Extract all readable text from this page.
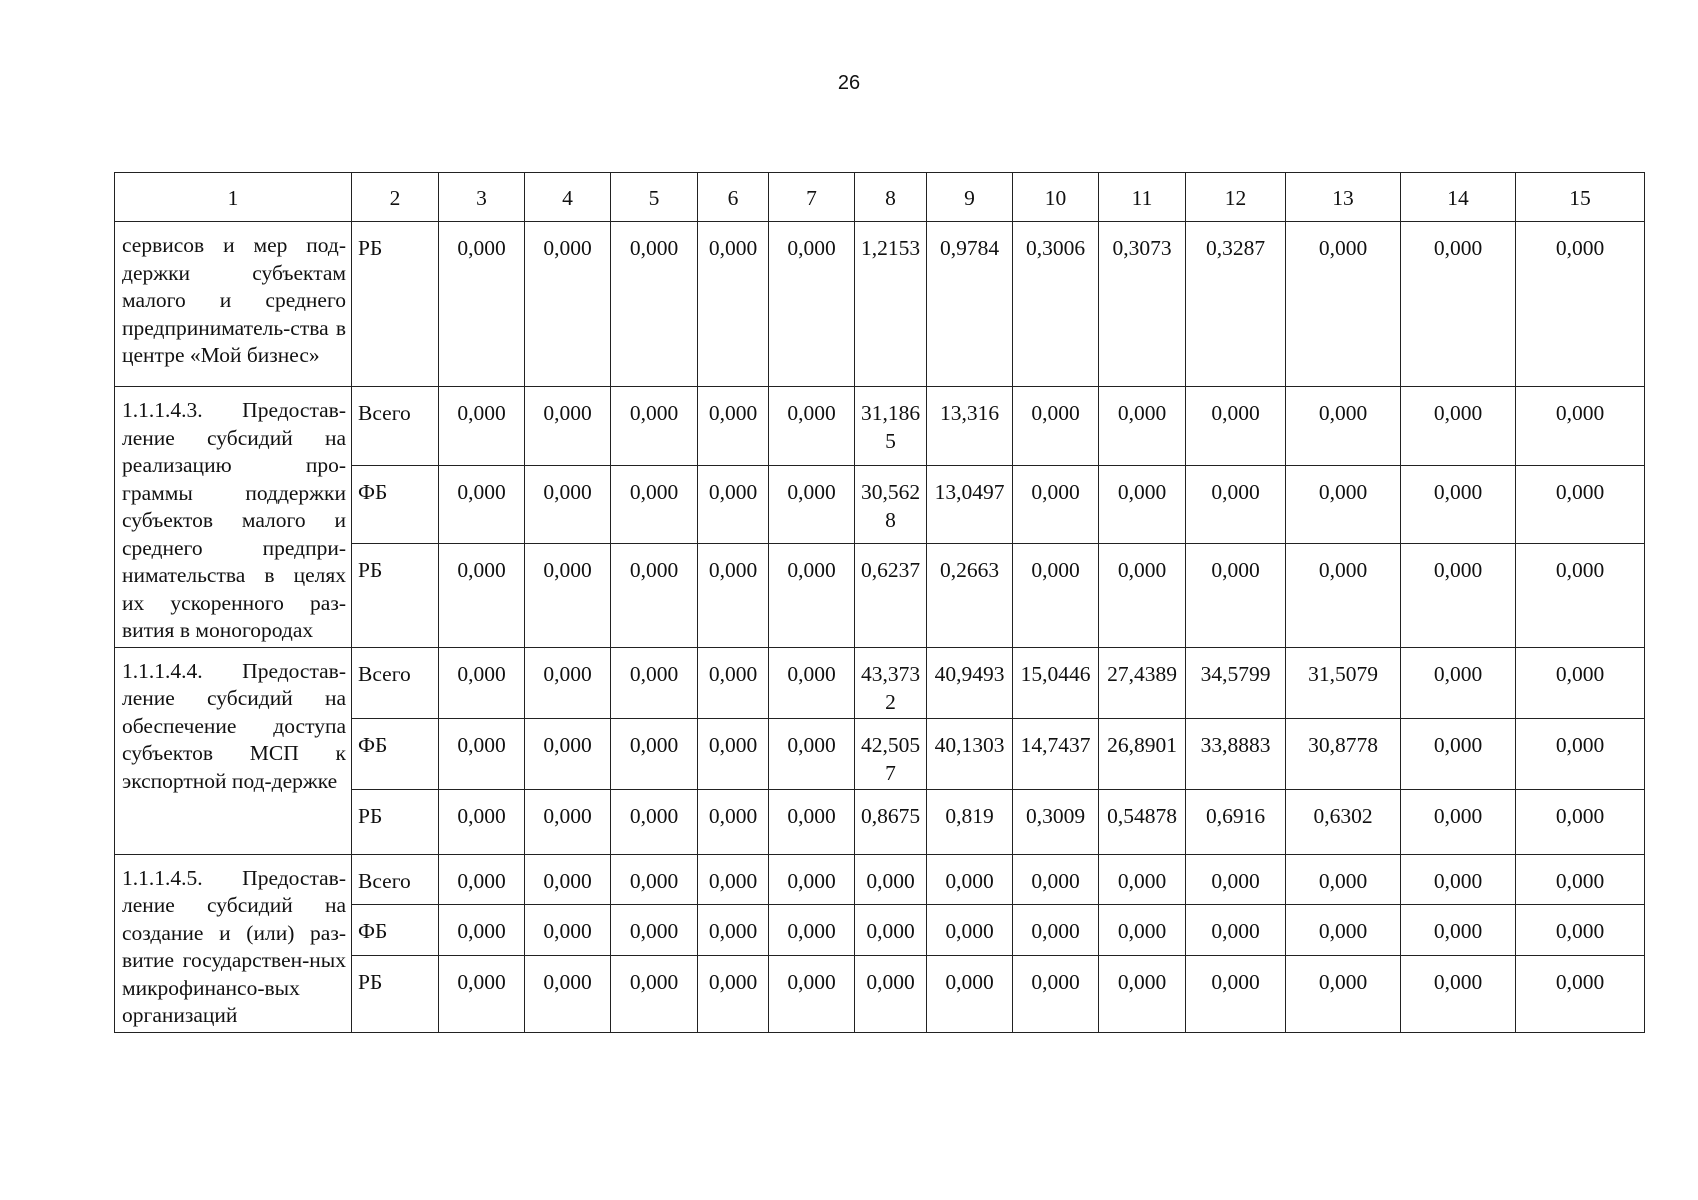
26
1	2	3	4	5	6	7	8	9	10	11	12	13	14	15
сервисов и мер под-держки субъектам малого и среднего предприниматель-ства в центре «Мой бизнес»	РБ	0,000	0,000	0,000	0,000	0,000	1,2153	0,9784	0,3006	0,3073	0,3287	0,000	0,000	0,000
1.1.1.4.3. Предостав-ление субсидий на реализацию про-граммы поддержки субъектов малого и среднего предпри-нимательства в целях их ускоренного раз-вития в моногородах	Всего	0,000	0,000	0,000	0,000	0,000	31,1865	13,316	0,000	0,000	0,000	0,000	0,000	0,000
	ФБ	0,000	0,000	0,000	0,000	0,000	30,5628	13,0497	0,000	0,000	0,000	0,000	0,000	0,000
	РБ	0,000	0,000	0,000	0,000	0,000	0,6237	0,2663	0,000	0,000	0,000	0,000	0,000	0,000
1.1.1.4.4. Предостав-ление субсидий на обеспечение доступа субъектов МСП к экспортной под-держке	Всего	0,000	0,000	0,000	0,000	0,000	43,3732	40,9493	15,0446	27,4389	34,5799	31,5079	0,000	0,000
	ФБ	0,000	0,000	0,000	0,000	0,000	42,5057	40,1303	14,7437	26,8901	33,8883	30,8778	0,000	0,000
	РБ	0,000	0,000	0,000	0,000	0,000	0,8675	0,819	0,3009	0,54878	0,6916	0,6302	0,000	0,000
1.1.1.4.5. Предостав-ление субсидий на создание и (или) раз-витие государствен-ных микрофинансо-вых организаций	Всего	0,000	0,000	0,000	0,000	0,000	0,000	0,000	0,000	0,000	0,000	0,000	0,000	0,000
	ФБ	0,000	0,000	0,000	0,000	0,000	0,000	0,000	0,000	0,000	0,000	0,000	0,000	0,000
	РБ	0,000	0,000	0,000	0,000	0,000	0,000	0,000	0,000	0,000	0,000	0,000	0,000	0,000
